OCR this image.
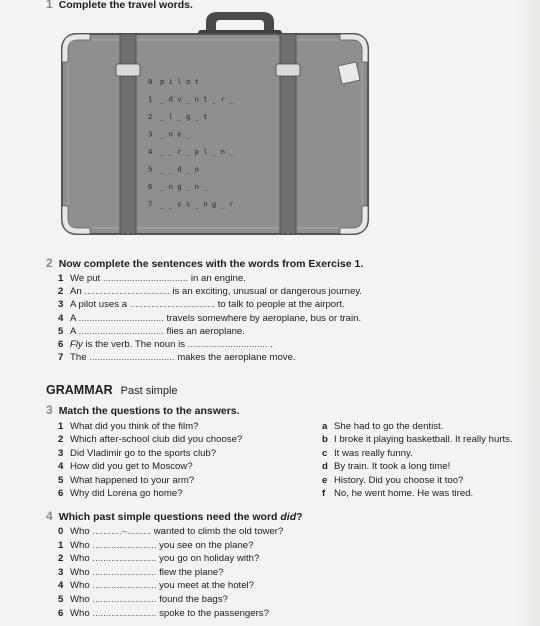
1 Complete the travel words.
0 p i l o t
1 _ d v _ n t _ r _
2 _ l _ g _ t
3 _ n e _
4 _ _ r _ p l _ n _
5 _ _ d _ o
6 _ n g _ n _
7 _ _ s s _ n g _ r
2 Now complete the sentences with the words from Exercise 1.
1 We put ................................ in an engine.
2 An ................................ is an exciting, unusual or dangerous journey.
3 A pilot uses a ................................ to talk to people at the airport.
4 A ................................ travels somewhere by aeroplane, bus or train.
5 A ................................ flies an aeroplane.
6 Fly is the verb. The noun is .............................. .
7 The ................................ makes the aeroplane move.
GRAMMAR Past simple
3 Match the questions to the answers.
1 What did you think of the film?
2 Which after-school club did you choose?
3 Did Vladimir go to the sports club?
4 How did you get to Moscow?
5 What happened to your arm?
6 Why did Lorena go home?
a She had to go the dentist.
b I broke it playing basketball. It really hurts.
c It was really funny.
d By train. It took a long time!
e History. Did you choose it too?
f No, he went home. He was tired.
4 Which past simple questions need the word did?
0 Who ...........–......... wanted to climb the old tower?
1 Who ........................ you see on the plane?
2 Who ........................ you go on holiday with?
3 Who ........................ flew the plane?
4 Who ........................ you meet at the hotel?
5 Who ........................ found the bags?
6 Who ........................ spoke to the passengers?
